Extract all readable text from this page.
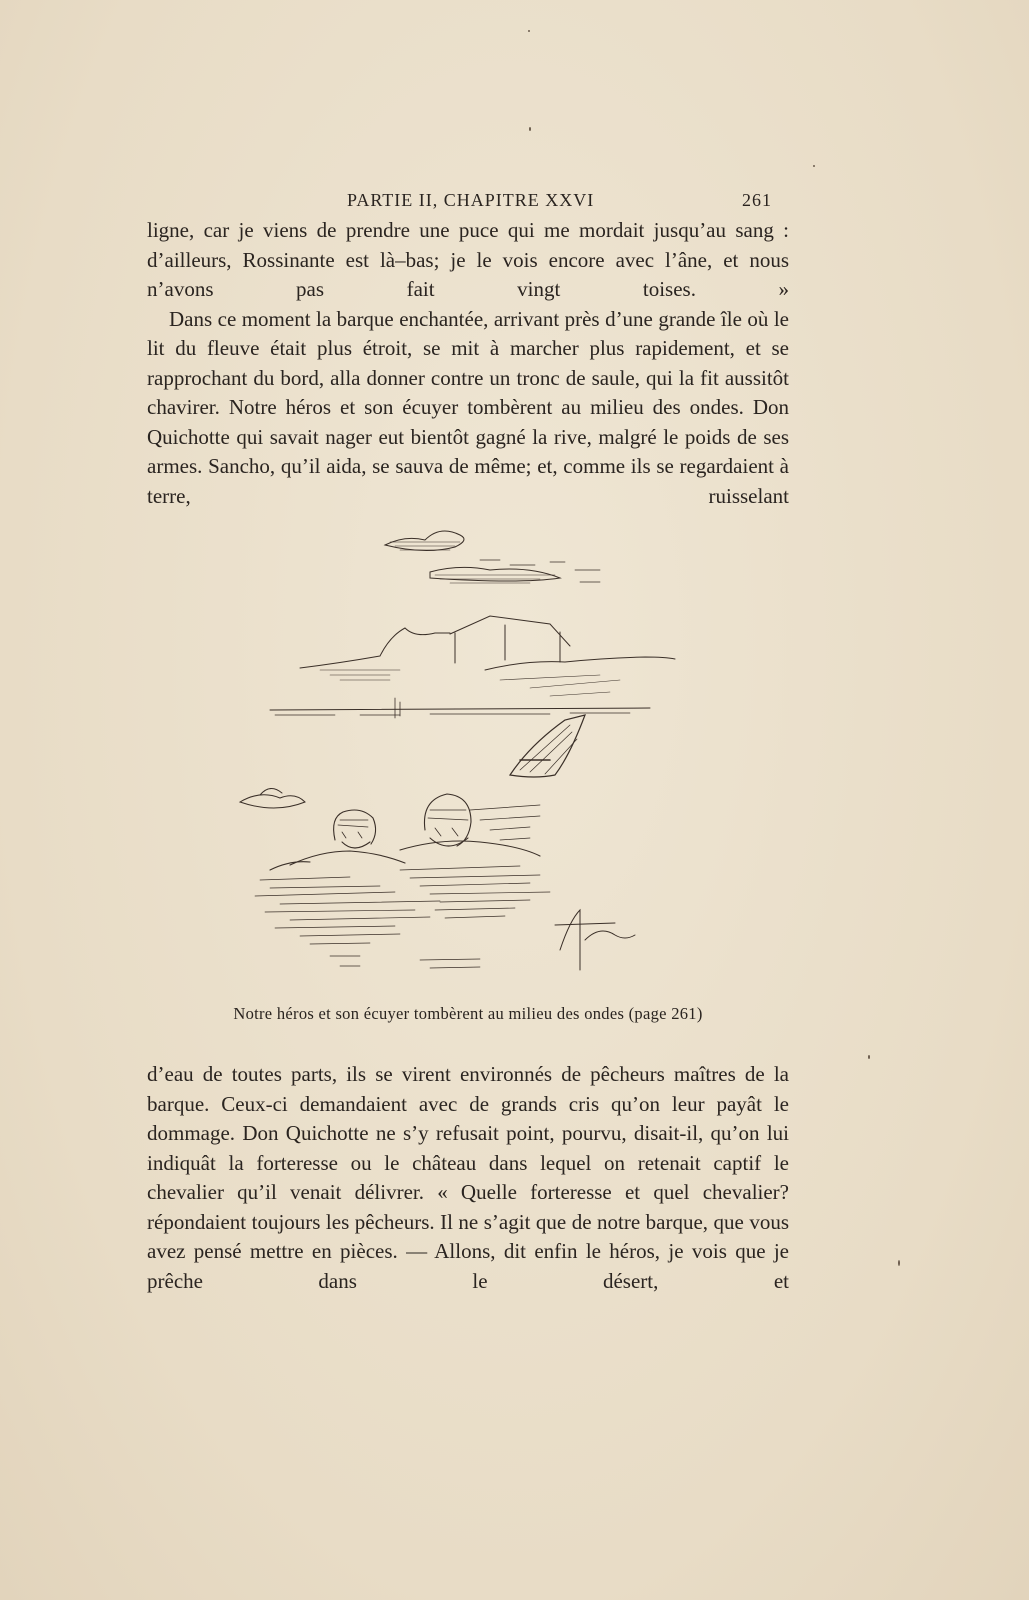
PARTIE II, CHAPITRE XXVI	261

ligne, car je viens de prendre une puce qui me mordait jusqu’au sang : d’ailleurs, Rossinante est là–bas; je le vois encore avec l’âne, et nous n’avons pas fait vingt toises. »

Dans ce moment la barque enchantée, arrivant près d’une grande île où le lit du fleuve était plus étroit, se mit à marcher plus rapidement, et se rapprochant du bord, alla donner contre un tronc de saule, qui la fit aussitôt chavirer. Notre héros et son écuyer tombèrent au milieu des ondes. Don Quichotte qui savait nager eut bientôt gagné la rive, malgré le poids de ses armes. Sancho, qu’il aida, se sauva de même; et, comme ils se regardaient à terre, ruisselant

Notre héros et son écuyer tombèrent au milieu des ondes (page 261)

d’eau de toutes parts, ils se virent environnés de pêcheurs maîtres de la barque. Ceux-ci demandaient avec de grands cris qu’on leur payât le dommage. Don Quichotte ne s’y refusait point, pourvu, disait-il, qu’on lui indiquât la forteresse ou le château dans lequel on retenait captif le chevalier qu’il venait délivrer. « Quelle forteresse et quel chevalier? répondaient toujours les pêcheurs. Il ne s’agit que de notre barque, que vous avez pensé mettre en pièces. — Allons, dit enfin le héros, je vois que je prêche dans le désert, et
